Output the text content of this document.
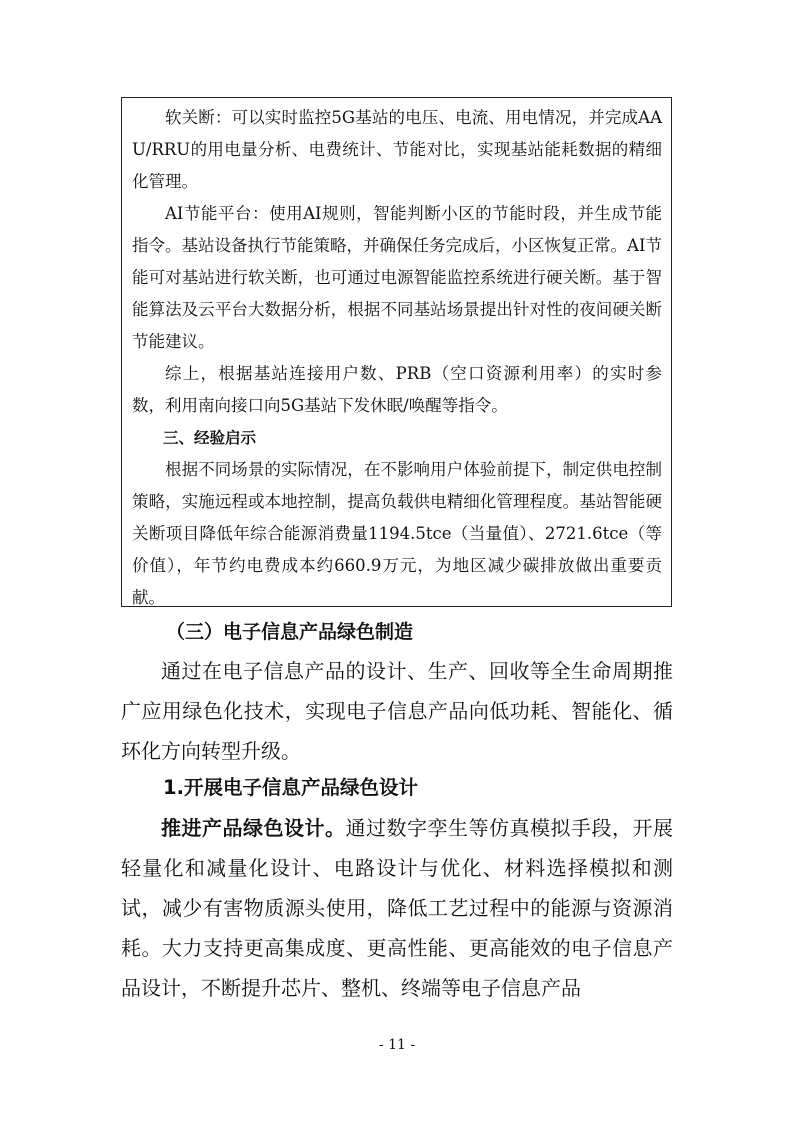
软关断：可以实时监控5G基站的电压、电流、用电情况，并完成AAU/RRU的用电量分析、电费统计、节能对比，实现基站能耗数据的精细化管理。

AI节能平台：使用AI规则，智能判断小区的节能时段，并生成节能指令。基站设备执行节能策略，并确保任务完成后，小区恢复正常。AI节能可对基站进行软关断，也可通过电源智能监控系统进行硬关断。基于智能算法及云平台大数据分析，根据不同基站场景提出针对性的夜间硬关断节能建议。

综上，根据基站连接用户数、PRB（空口资源利用率）的实时参数，利用南向接口向5G基站下发休眠/唤醒等指令。

三、经验启示

根据不同场景的实际情况，在不影响用户体验前提下，制定供电控制策略，实施远程或本地控制，提高负载供电精细化管理程度。基站智能硬关断项目降低年综合能源消费量1194.5tce（当量值）、2721.6tce（等价值），年节约电费成本约660.9万元，为地区减少碳排放做出重要贡献。

（三）电子信息产品绿色制造

通过在电子信息产品的设计、生产、回收等全生命周期推广应用绿色化技术，实现电子信息产品向低功耗、智能化、循环化方向转型升级。

1.开展电子信息产品绿色设计

推进产品绿色设计。通过数字孪生等仿真模拟手段，开展轻量化和减量化设计、电路设计与优化、材料选择模拟和测试，减少有害物质源头使用，降低工艺过程中的能源与资源消耗。大力支持更高集成度、更高性能、更高能效的电子信息产品设计，不断提升芯片、整机、终端等电子信息产品

- 11 -
